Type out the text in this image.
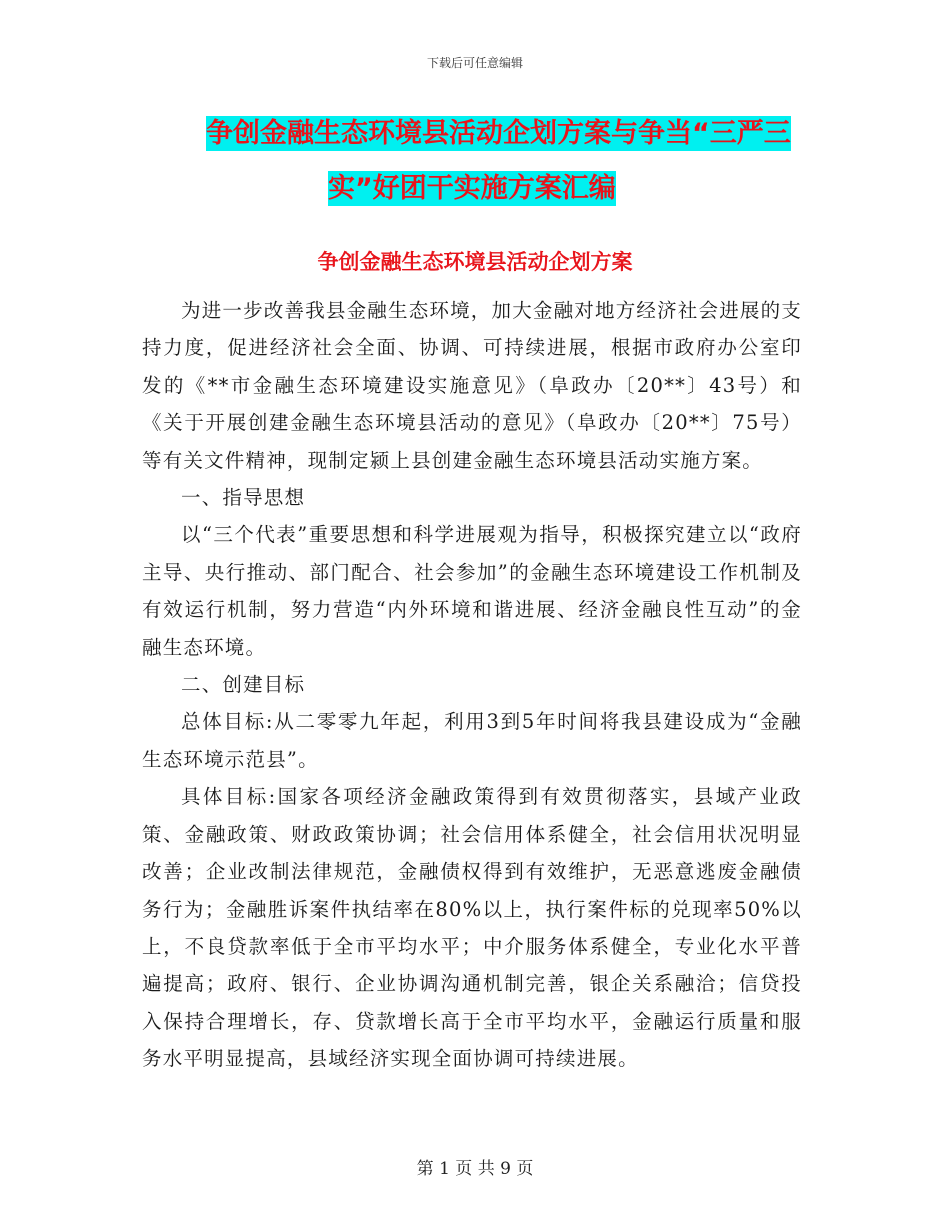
下载后可任意编辑
争创金融生态环境县活动企划方案与争当“三严三
实”好团干实施方案汇编
争创金融生态环境县活动企划方案

为进一步改善我县金融生态环境，加大金融对地方经济社会进展的支持力度，促进经济社会全面、协调、可持续进展，根据市政府办公室印发的《**市金融生态环境建设实施意见》（阜政办〔20**〕43号）和《关于开展创建金融生态环境县活动的意见》（阜政办〔20**〕75号）等有关文件精神，现制定颍上县创建金融生态环境县活动实施方案。

一、指导思想

以“三个代表”重要思想和科学进展观为指导，积极探究建立以“政府主导、央行推动、部门配合、社会参加”的金融生态环境建设工作机制及有效运行机制，努力营造“内外环境和谐进展、经济金融良性互动”的金融生态环境。

二、创建目标

总体目标:从二零零九年起，利用3到5年时间将我县建设成为“金融生态环境示范县”。

具体目标:国家各项经济金融政策得到有效贯彻落实，县域产业政策、金融政策、财政政策协调；社会信用体系健全，社会信用状况明显改善；企业改制法律规范，金融债权得到有效维护，无恶意逃废金融债务行为；金融胜诉案件执结率在80%以上，执行案件标的兑现率50%以上，不良贷款率低于全市平均水平；中介服务体系健全，专业化水平普遍提高；政府、银行、企业协调沟通机制完善，银企关系融洽；信贷投入保持合理增长，存、贷款增长高于全市平均水平，金融运行质量和服务水平明显提高，县域经济实现全面协调可持续进展。

第 1 页 共 9 页
